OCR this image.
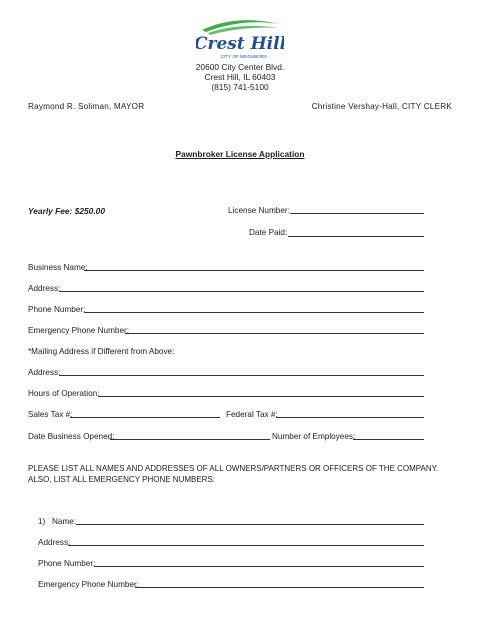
Crest Hill
CITY OF NEIGHBORS
20600 City Center Blvd.
Crest Hill, IL 60403
(815) 741-5100
Raymond R. Soliman, MAYOR	Christine Vershay-Hall, CITY CLERK
Pawnbroker License Application
Yearly Fee: $250.00	License Number:
Date Paid:
Business Name:
Address:
Phone Number:
Emergency Phone Number:
*Mailing Address if Different from Above:
Address:
Hours of Operation:
Sales Tax #:	Federal Tax #:
Date Business Opened:	Number of Employees:
PLEASE LIST ALL NAMES AND ADDRESSES OF ALL OWNERS/PARTNERS OR OFFICERS OF THE COMPANY.
ALSO, LIST ALL EMERGENCY PHONE NUMBERS:
1) Name:
Address:
Phone Number:
Emergency Phone Number:
